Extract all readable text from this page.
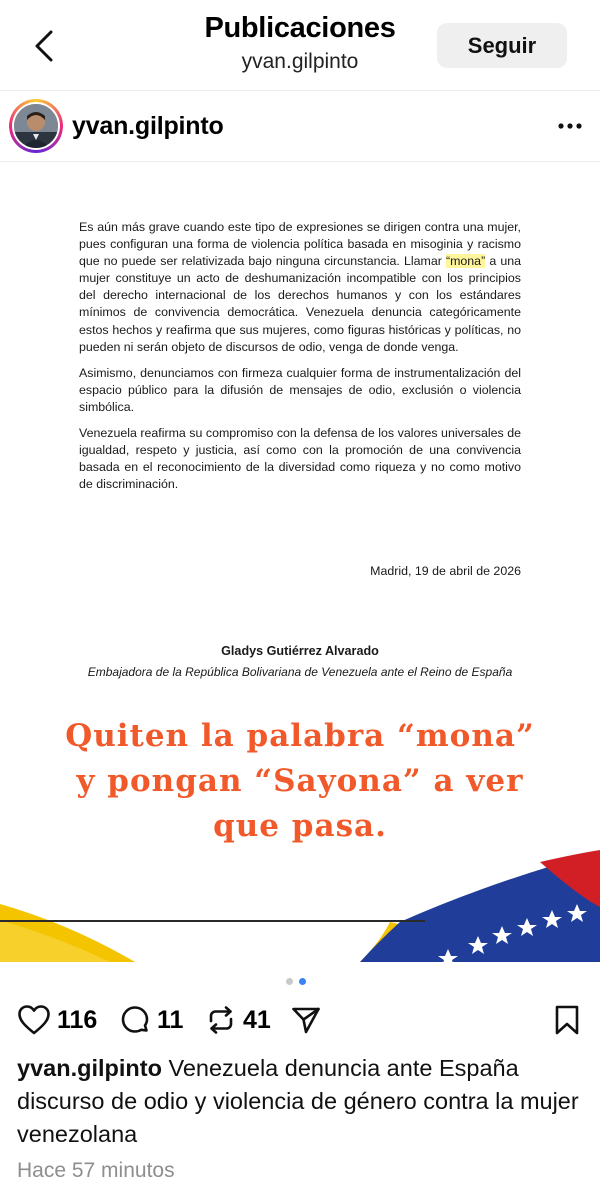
Publicaciones
yvan.gilpinto
Seguir
yvan.gilpinto

Es aún más grave cuando este tipo de expresiones se dirigen contra una mujer, pues configuran una forma de violencia política basada en misoginia y racismo que no puede ser relativizada bajo ninguna circunstancia. Llamar “mona” a una mujer constituye un acto de deshumanización incompatible con los principios del derecho internacional de los derechos humanos y con los estándares mínimos de convivencia democrática. Venezuela denuncia categóricamente estos hechos y reafirma que sus mujeres, como figuras históricas y políticas, no pueden ni serán objeto de discursos de odio, venga de donde venga.

Asimismo, denunciamos con firmeza cualquier forma de instrumentalización del espacio público para la difusión de mensajes de odio, exclusión o violencia simbólica.

Venezuela reafirma su compromiso con la defensa de los valores universales de igualdad, respeto y justicia, así como con la promoción de una convivencia basada en el reconocimiento de la diversidad como riqueza y no como motivo de discriminación.

Madrid, 19 de abril de 2026
Gladys Gutiérrez Alvarado
Embajadora de la República Bolivariana de Venezuela ante el Reino de España
Quiten la palabra “mona”
y pongan “Sayona” a ver
que pasa.
116 11 41
yvan.gilpinto Venezuela denuncia ante España discurso de odio y violencia de género contra la mujer venezolana
Hace 57 minutos
